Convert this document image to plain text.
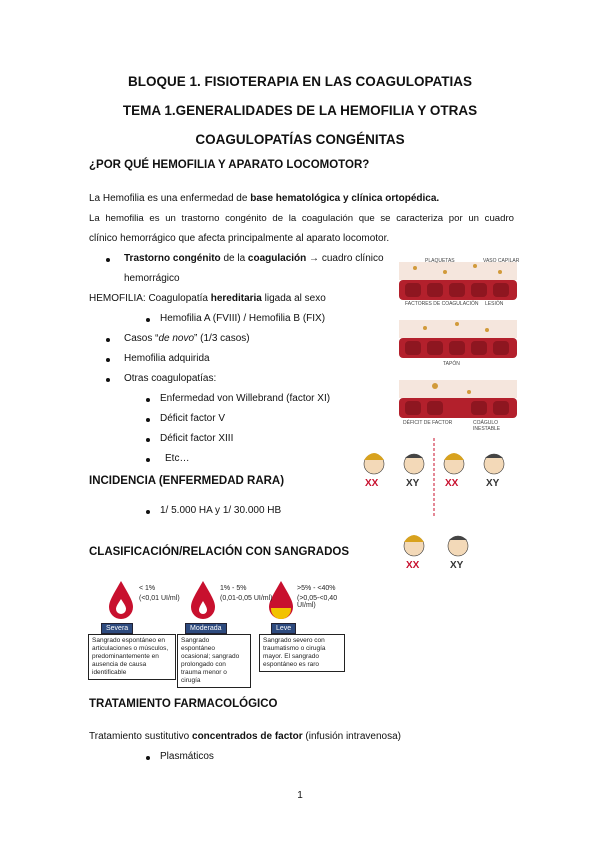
BLOQUE 1. FISIOTERAPIA EN LAS COAGULOPATIAS
TEMA 1.GENERALIDADES DE LA HEMOFILIA Y OTRAS
COAGULOPATÍAS CONGÉNITAS
¿POR QUÉ HEMOFILIA Y APARATO LOCOMOTOR?
La Hemofilia es una enfermedad de base hematológica y clínica ortopédica.
La hemofilia es un trastorno congénito de la coagulación que se caracteriza por un cuadro
clínico hemorrágico que afecta principalmente al aparato locomotor.
Trastorno congénito de la coagulación → cuadro clínico
hemorrágico
HEMOFILIA: Coagulopatía hereditaria ligada al sexo
Hemofilia A (FVIII) / Hemofilia B (FIX)
Casos “de novo” (1/3 casos)
Hemofilia adquirida
Otras coagulopatías:
Enfermedad von Willebrand (factor XI)
Déficit factor V
Déficit factor XIII
Etc…
INCIDENCIA (ENFERMEDAD RARA)
1/ 5.000 HA y 1/ 30.000 HB
CLASIFICACIÓN/RELACIÓN CON SANGRADOS
< 1%
(<0,01 UI/ml)
1% - 5%
(0,01-0,05 UI/ml)
>5% - <40%
(>0,05-<0,40 UI/ml)
Severa	Moderada	Leve
Sangrado espontáneo en
articulaciones o músculos,
predominantemente en
ausencia de causa
identificable
Sangrado
espontáneo
ocasional; sangrado
prolongado con
trauma menor o
cirugía
Sangrado severo con
traumatismo o cirugía
mayor. El sangrado
espontáneo es raro
TRATAMIENTO FARMACOLÓGICO
Tratamiento sustitutivo concentrados de factor (infusión intravenosa)
Plasmáticos
PLAQUETAS	VASO CAPILAR
FACTORES DE COAGULACIÓN LESIÓN
TAPÓN
DÉFICIT DE FACTOR	COÁGULO INESTABLE
XX	XY	XX	XY
XX	XY
1
